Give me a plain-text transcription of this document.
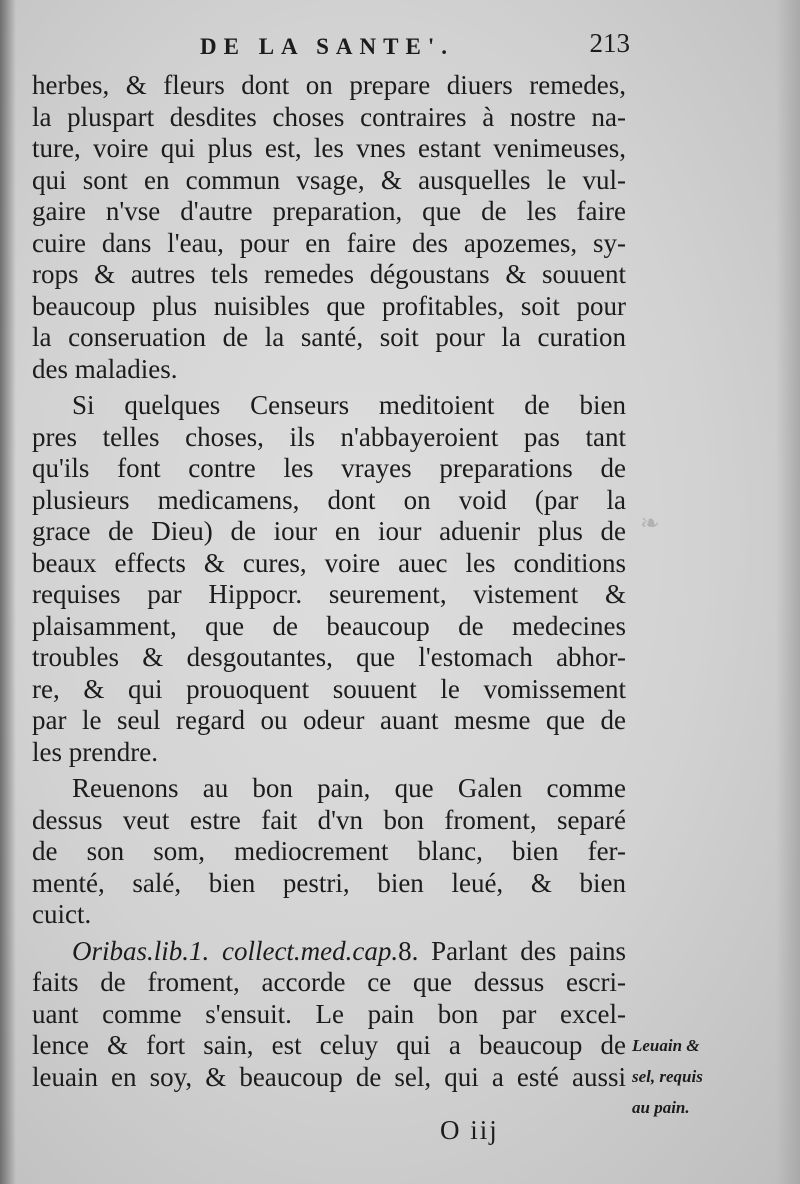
☙
DE LA SANTE'.	213
herbes, & fleurs dont on prepare diuers remedes,
la pluspart desdites choses contraires à nostre na-
ture, voire qui plus est, les vnes estant venimeuses,
qui sont en commun vsage, & ausquelles le vul-
gaire n'vse d'autre preparation, que de les faire
cuire dans l'eau, pour en faire des apozemes, sy-
rops & autres tels remedes dégoustans & souuent
beaucoup plus nuisibles que profitables, soit pour
la conseruation de la santé, soit pour la curation
des maladies.
Si quelques Censeurs meditoient de bien
pres telles choses, ils n'abbayeroient pas tant
qu'ils font contre les vrayes preparations de
plusieurs medicamens, dont on void (par la
grace de Dieu) de iour en iour aduenir plus de
beaux effects & cures, voire auec les conditions
requises par Hippocr. seurement, vistement &
plaisamment, que de beaucoup de medecines
troubles & desgoutantes, que l'estomach abhor-
re, & qui prouoquent souuent le vomissement
par le seul regard ou odeur auant mesme que de
les prendre.
Reuenons au bon pain, que Galen comme
dessus veut estre fait d'vn bon froment, separé
de son som, mediocrement blanc, bien fer-
menté, salé, bien pestri, bien leué, & bien
cuict.
Oribas.lib.1. collect.med.cap.8. Parlant des pains
faits de froment, accorde ce que dessus escri-
uant comme s'ensuit. Le pain bon par excel-
lence & fort sain, est celuy qui a beaucoup de
leuain en soy, & beaucoup de sel, qui a esté aussi
Leuain &
sel, requis
au pain.
O iij
